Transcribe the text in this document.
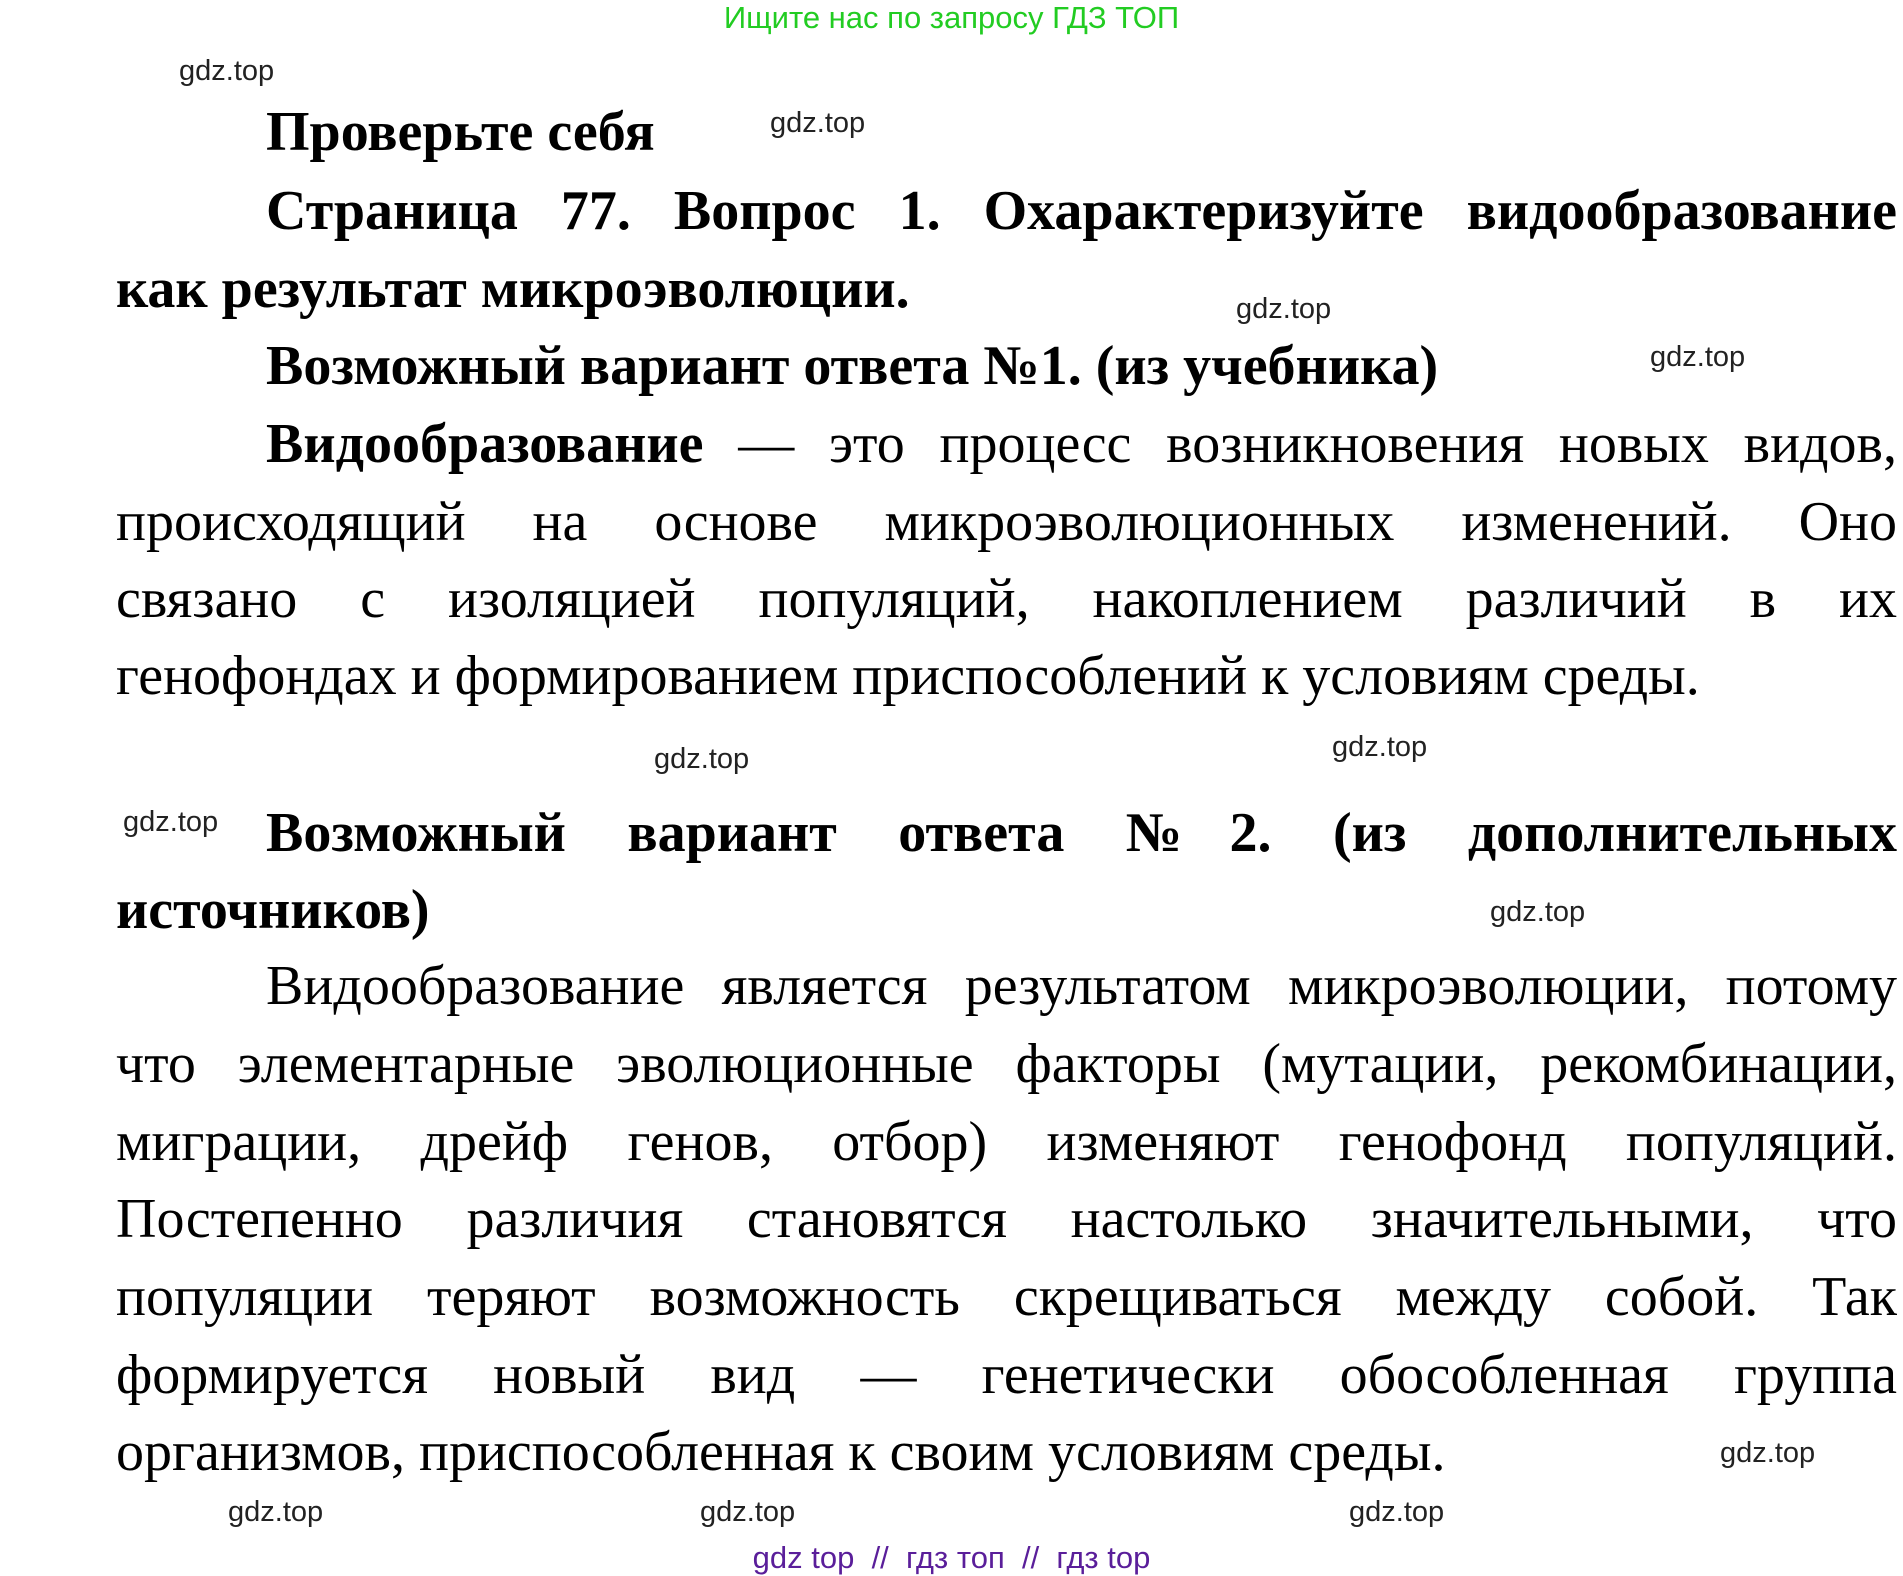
Ищите нас по запросу ГДЗ ТОП
Проверьте себя
Страница 77. Вопрос 1. Охарактеризуйте видообразование
как результат микроэволюции.
Возможный вариант ответа №1. (из учебника)
Видообразование — это процесс возникновения новых видов,
происходящий на основе микроэволюционных изменений. Оно
связано с изоляцией популяций, накоплением различий в их
генофондах и формированием приспособлений к условиям среды.
Возможный вариант ответа №2. (из дополнительных
источников)
Видообразование является результатом микроэволюции, потому
что элементарные эволюционные факторы (мутации, рекомбинации,
миграции, дрейф генов, отбор) изменяют генофонд популяций.
Постепенно различия становятся настолько значительными, что
популяции теряют возможность скрещиваться между собой. Так
формируется новый вид — генетически обособленная группа
организмов, приспособленная к своим условиям среды.
gdz.top
gdz.top
gdz.top
gdz.top
gdz.top
gdz.top
gdz.top
gdz.top
gdz.top
gdz.top	gdz.top
gdz.top
gdz top  //  гдз топ  //  гдз top
